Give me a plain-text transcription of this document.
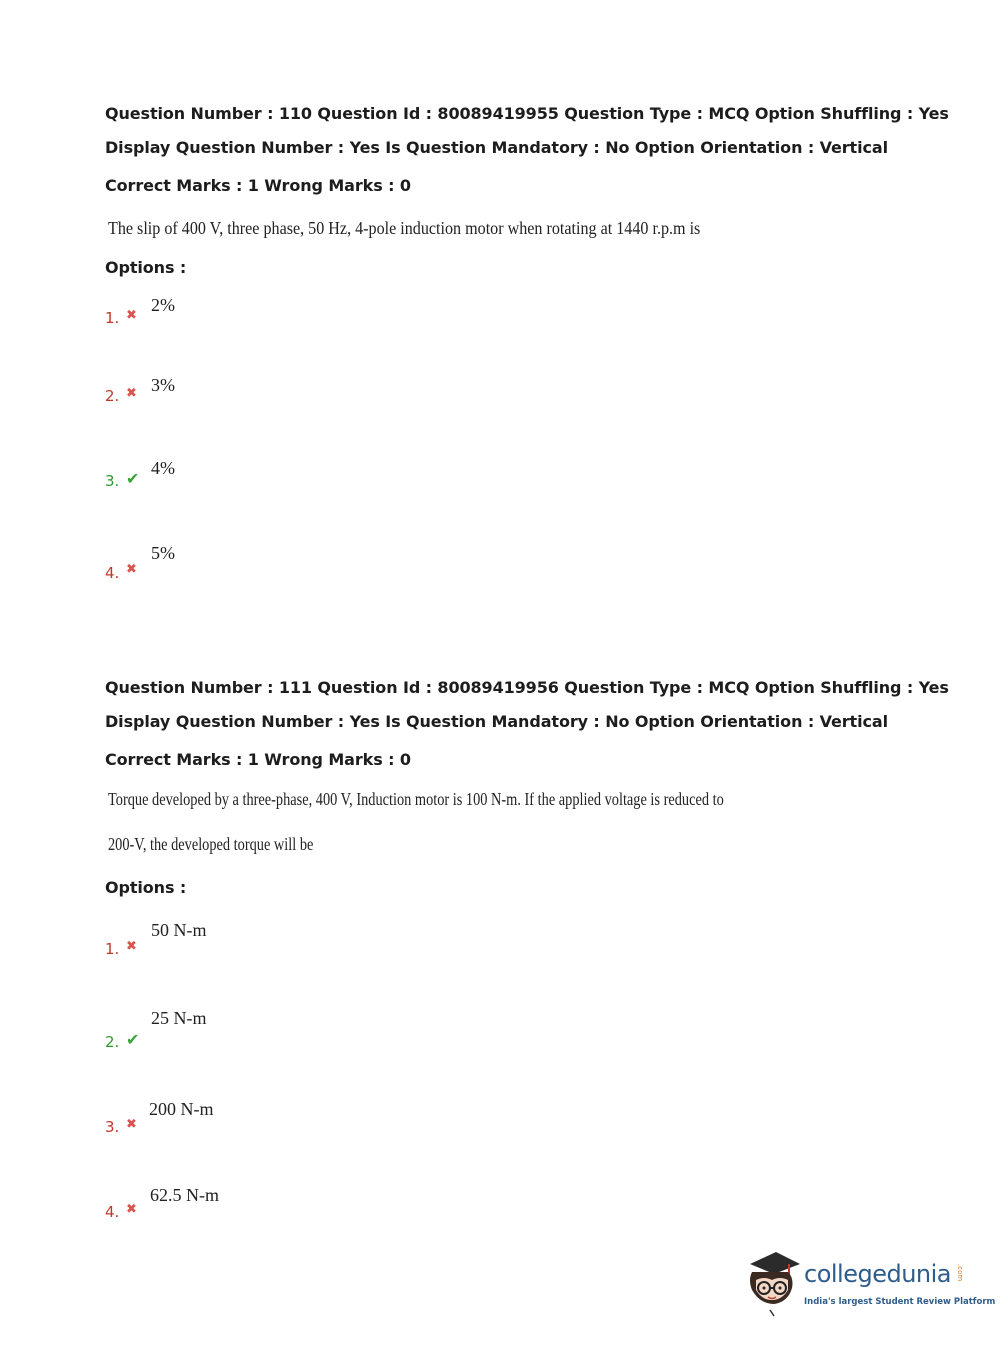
Question Number : 110 Question Id : 80089419955 Question Type : MCQ Option Shuffling : Yes
Display Question Number : Yes Is Question Mandatory : No Option Orientation : Vertical
Correct Marks : 1 Wrong Marks : 0
The slip of 400 V, three phase, 50 Hz, 4-pole induction motor when rotating at 1440 r.p.m is
Options :
2%
1. ✖
3%
2. ✖
4%
3. ✔
5%
4. ✖
Question Number : 111 Question Id : 80089419956 Question Type : MCQ Option Shuffling : Yes
Display Question Number : Yes Is Question Mandatory : No Option Orientation : Vertical
Correct Marks : 1 Wrong Marks : 0
Torque developed by a three-phase, 400 V, Induction motor is 100 N-m. If the applied voltage is reduced to
200-V, the developed torque will be
Options :
50 N-m
1. ✖
25 N-m
2. ✔
200 N-m
3. ✖
62.5 N-m
4. ✖
collegedunia .com
India's largest Student Review Platform
